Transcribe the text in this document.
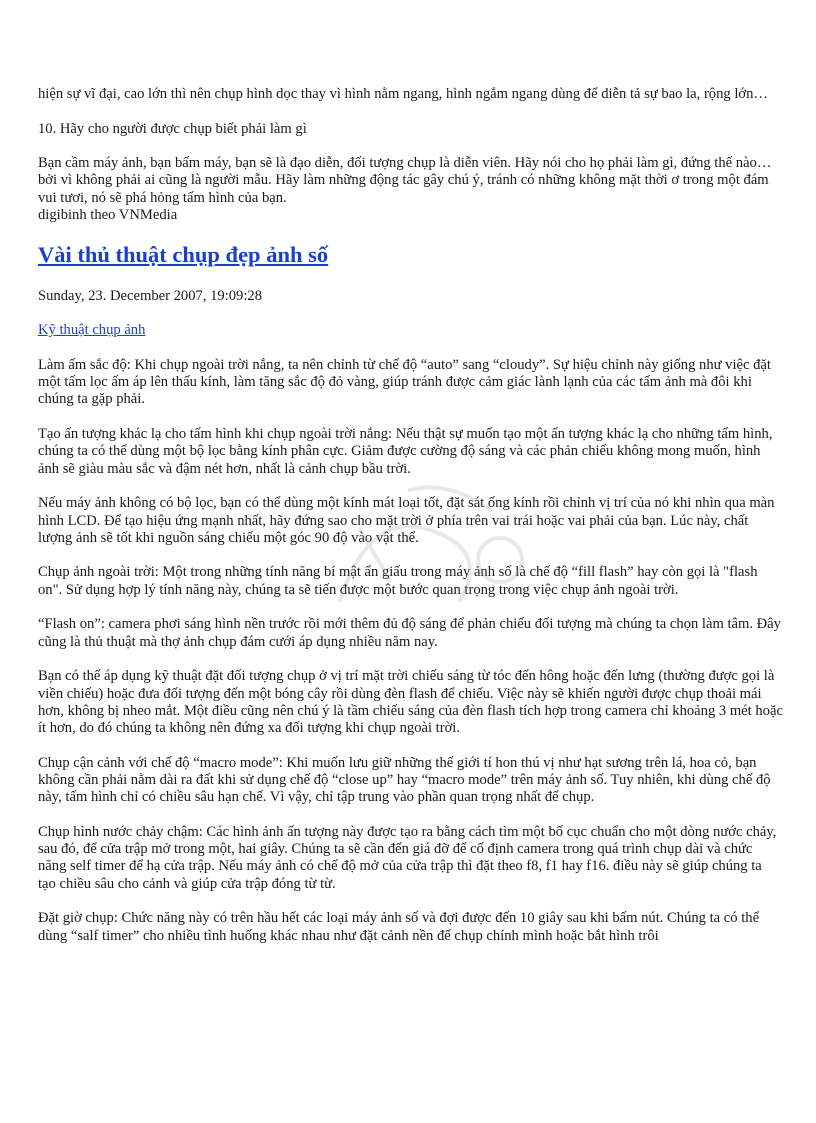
hiện sự vĩ đại, cao lớn thì nên chụp hình dọc thay vì hình nằm ngang, hình ngắm ngang dùng để diễn tả sự bao la, rộng lớn…

10. Hãy cho người được chụp biết phải làm gì

Bạn cầm máy ảnh, bạn bấm máy, bạn sẽ là đạo diễn, đối tượng chụp là diễn viên. Hãy nói cho họ phải làm gì, đứng thế nào… bởi vì không phải ai cũng là người mẫu. Hãy làm những động tác gây chú ý, tránh có những không mặt thời ơ trong một đám vui tươi, nó sẽ phá hỏng tấm hình của bạn.

digibinh theo VNMedia

Vài thủ thuật chụp đẹp ảnh số

Sunday, 23. December 2007, 19:09:28

Kỹ thuật chụp ảnh

Làm ấm sắc độ: Khi chụp ngoài trời nắng, ta nên chỉnh từ chế độ “auto” sang “cloudy”. Sự hiệu chỉnh này giống như việc đặt một tấm lọc ấm áp lên thấu kính, làm tăng sắc độ đỏ vàng, giúp tránh được cảm giác lành lạnh của các tấm ảnh mà đôi khi chúng ta gặp phải.

Tạo ấn tượng khác lạ cho tấm hình khi chụp ngoài trời nắng: Nếu thật sự muốn tạo một ấn tượng khác lạ cho những tấm hình, chúng ta có thể dùng một bộ lọc bằng kính phân cực. Giảm được cường độ sáng và các phản chiếu không mong muốn, hình ảnh sẽ giàu màu sắc và đậm nét hơn, nhất là cảnh chụp bầu trời.

Nếu máy ảnh không có bộ lọc, bạn có thể dùng một kính mát loại tốt, đặt sát ống kính rồi chỉnh vị trí của nó khi nhìn qua màn hình LCD. Để tạo hiệu ứng mạnh nhất, hãy đứng sao cho mặt trời ở phía trên vai trái hoặc vai phải của bạn. Lúc này, chất lượng ảnh sẽ tốt khi nguồn sáng chiếu một góc 90 độ vào vật thể.

Chụp ảnh ngoài trời: Một trong những tính năng bí mật ẩn giấu trong máy ảnh số là chế độ “fill flash” hay còn gọi là "flash on". Sử dụng hợp lý tính năng này, chúng ta sẽ tiến được một bước quan trọng trong việc chụp ảnh ngoài trời.

“Flash on”: camera phơi sáng hình nền trước rồi mới thêm đủ độ sáng để phản chiếu đối tượng mà chúng ta chọn làm tâm. Đây cũng là thủ thuật mà thợ ảnh chụp đám cưới áp dụng nhiều năm nay.

Bạn có thể áp dụng kỹ thuật đặt đối tượng chụp ở vị trí mặt trời chiếu sáng từ tóc đến hông hoặc đến lưng (thường được gọi là viền chiếu) hoặc đưa đối tượng đến một bóng cây rồi dùng đèn flash để chiếu. Việc này sẽ khiến người được chụp thoải mái hơn, không bị nheo mắt. Một điều cũng nên chú ý là tầm chiếu sáng của đèn flash tích hợp trong camera chỉ khoảng 3 mét hoặc ít hơn, do đó chúng ta không nên đứng xa đối tượng khi chụp ngoài trời.

Chụp cận cảnh với chế độ “macro mode”: Khi muốn lưu giữ những thế giới tí hon thú vị như hạt sương trên lá, hoa cỏ, bạn không cần phải nằm dài ra đất khi sử dụng chế độ “close up” hay “macro mode” trên máy ảnh số. Tuy nhiên, khi dùng chế độ này, tấm hình chỉ có chiều sâu hạn chế. Vì vậy, chỉ tập trung vào phần quan trọng nhất để chụp.

Chụp hình nước chảy chậm: Các hình ảnh ấn tượng này được tạo ra bằng cách tìm một bố cục chuẩn cho một dòng nước chảy, sau đó, để cửa trập mở trong một, hai giây. Chúng ta sẽ cần đến giá đỡ để cố định camera trong quá trình chụp dài và chức năng self timer để hạ cửa trập. Nếu máy ảnh có chế độ mở của cửa trập thì đặt theo f8, f1 hay f16. điều này sẽ giúp chúng ta tạo chiều sâu cho cảnh và giúp cửa trập đóng từ từ.

Đặt giờ chụp: Chức năng này có trên hầu hết các loại máy ảnh số và đợi được đến 10 giây sau khi bấm nút. Chúng ta có thể dùng “salf timer” cho nhiều tình huống khác nhau như đặt cảnh nền để chụp chính mình hoặc bắt hình trôi
